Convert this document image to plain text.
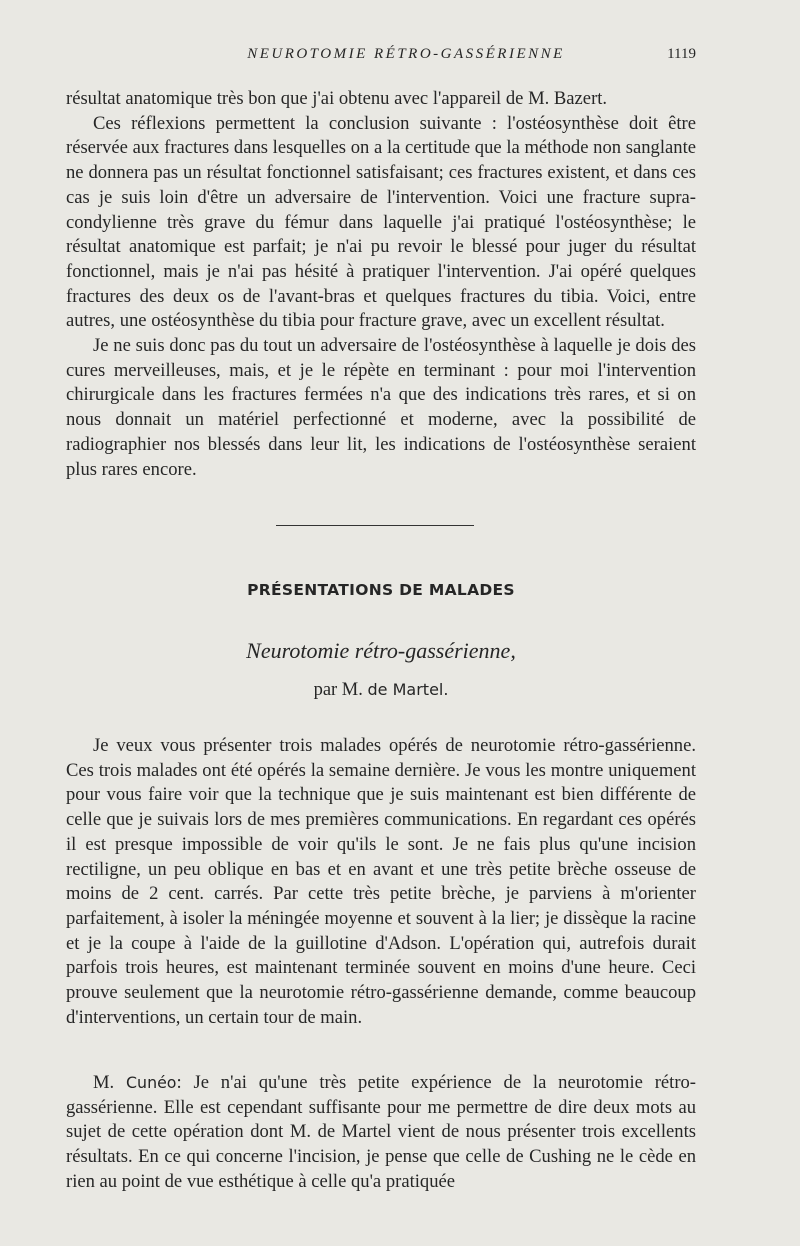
NEUROTOMIE RÉTRO-GASSÉRIENNE	1119

résultat anatomique très bon que j'ai obtenu avec l'appareil de M. Bazert.

Ces réflexions permettent la conclusion suivante : l'ostéosynthèse doit être réservée aux fractures dans lesquelles on a la certitude que la méthode non sanglante ne donnera pas un résultat fonctionnel satisfaisant; ces fractures existent, et dans ces cas je suis loin d'être un adversaire de l'intervention. Voici une fracture supra-condylienne très grave du fémur dans laquelle j'ai pratiqué l'ostéosynthèse; le résultat anatomique est parfait; je n'ai pu revoir le blessé pour juger du résultat fonctionnel, mais je n'ai pas hésité à pratiquer l'intervention. J'ai opéré quelques fractures des deux os de l'avant-bras et quelques fractures du tibia. Voici, entre autres, une ostéosynthèse du tibia pour fracture grave, avec un excellent résultat.

Je ne suis donc pas du tout un adversaire de l'ostéosynthèse à laquelle je dois des cures merveilleuses, mais, et je le répète en terminant : pour moi l'intervention chirurgicale dans les fractures fermées n'a que des indications très rares, et si on nous donnait un matériel perfectionné et moderne, avec la possibilité de radiographier nos blessés dans leur lit, les indications de l'ostéosynthèse seraient plus rares encore.

PRÉSENTATIONS DE MALADES
Neurotomie rétro-gassérienne,
par M. de Martel.

Je veux vous présenter trois malades opérés de neurotomie rétro-gassérienne. Ces trois malades ont été opérés la semaine dernière. Je vous les montre uniquement pour vous faire voir que la technique que je suis maintenant est bien différente de celle que je suivais lors de mes premières communications. En regardant ces opérés il est presque impossible de voir qu'ils le sont. Je ne fais plus qu'une incision rectiligne, un peu oblique en bas et en avant et une très petite brèche osseuse de moins de 2 cent. carrés. Par cette très petite brèche, je parviens à m'orienter parfaitement, à isoler la méningée moyenne et souvent à la lier; je dissèque la racine et je la coupe à l'aide de la guillotine d'Adson. L'opération qui, autrefois durait parfois trois heures, est maintenant terminée souvent en moins d'une heure. Ceci prouve seulement que la neurotomie rétro-gassérienne demande, comme beaucoup d'interventions, un certain tour de main.

M. Cunéo: Je n'ai qu'une très petite expérience de la neurotomie rétro-gassérienne. Elle est cependant suffisante pour me permettre de dire deux mots au sujet de cette opération dont M. de Martel vient de nous présenter trois excellents résultats. En ce qui concerne l'incision, je pense que celle de Cushing ne le cède en rien au point de vue esthétique à celle qu'a pratiquée
